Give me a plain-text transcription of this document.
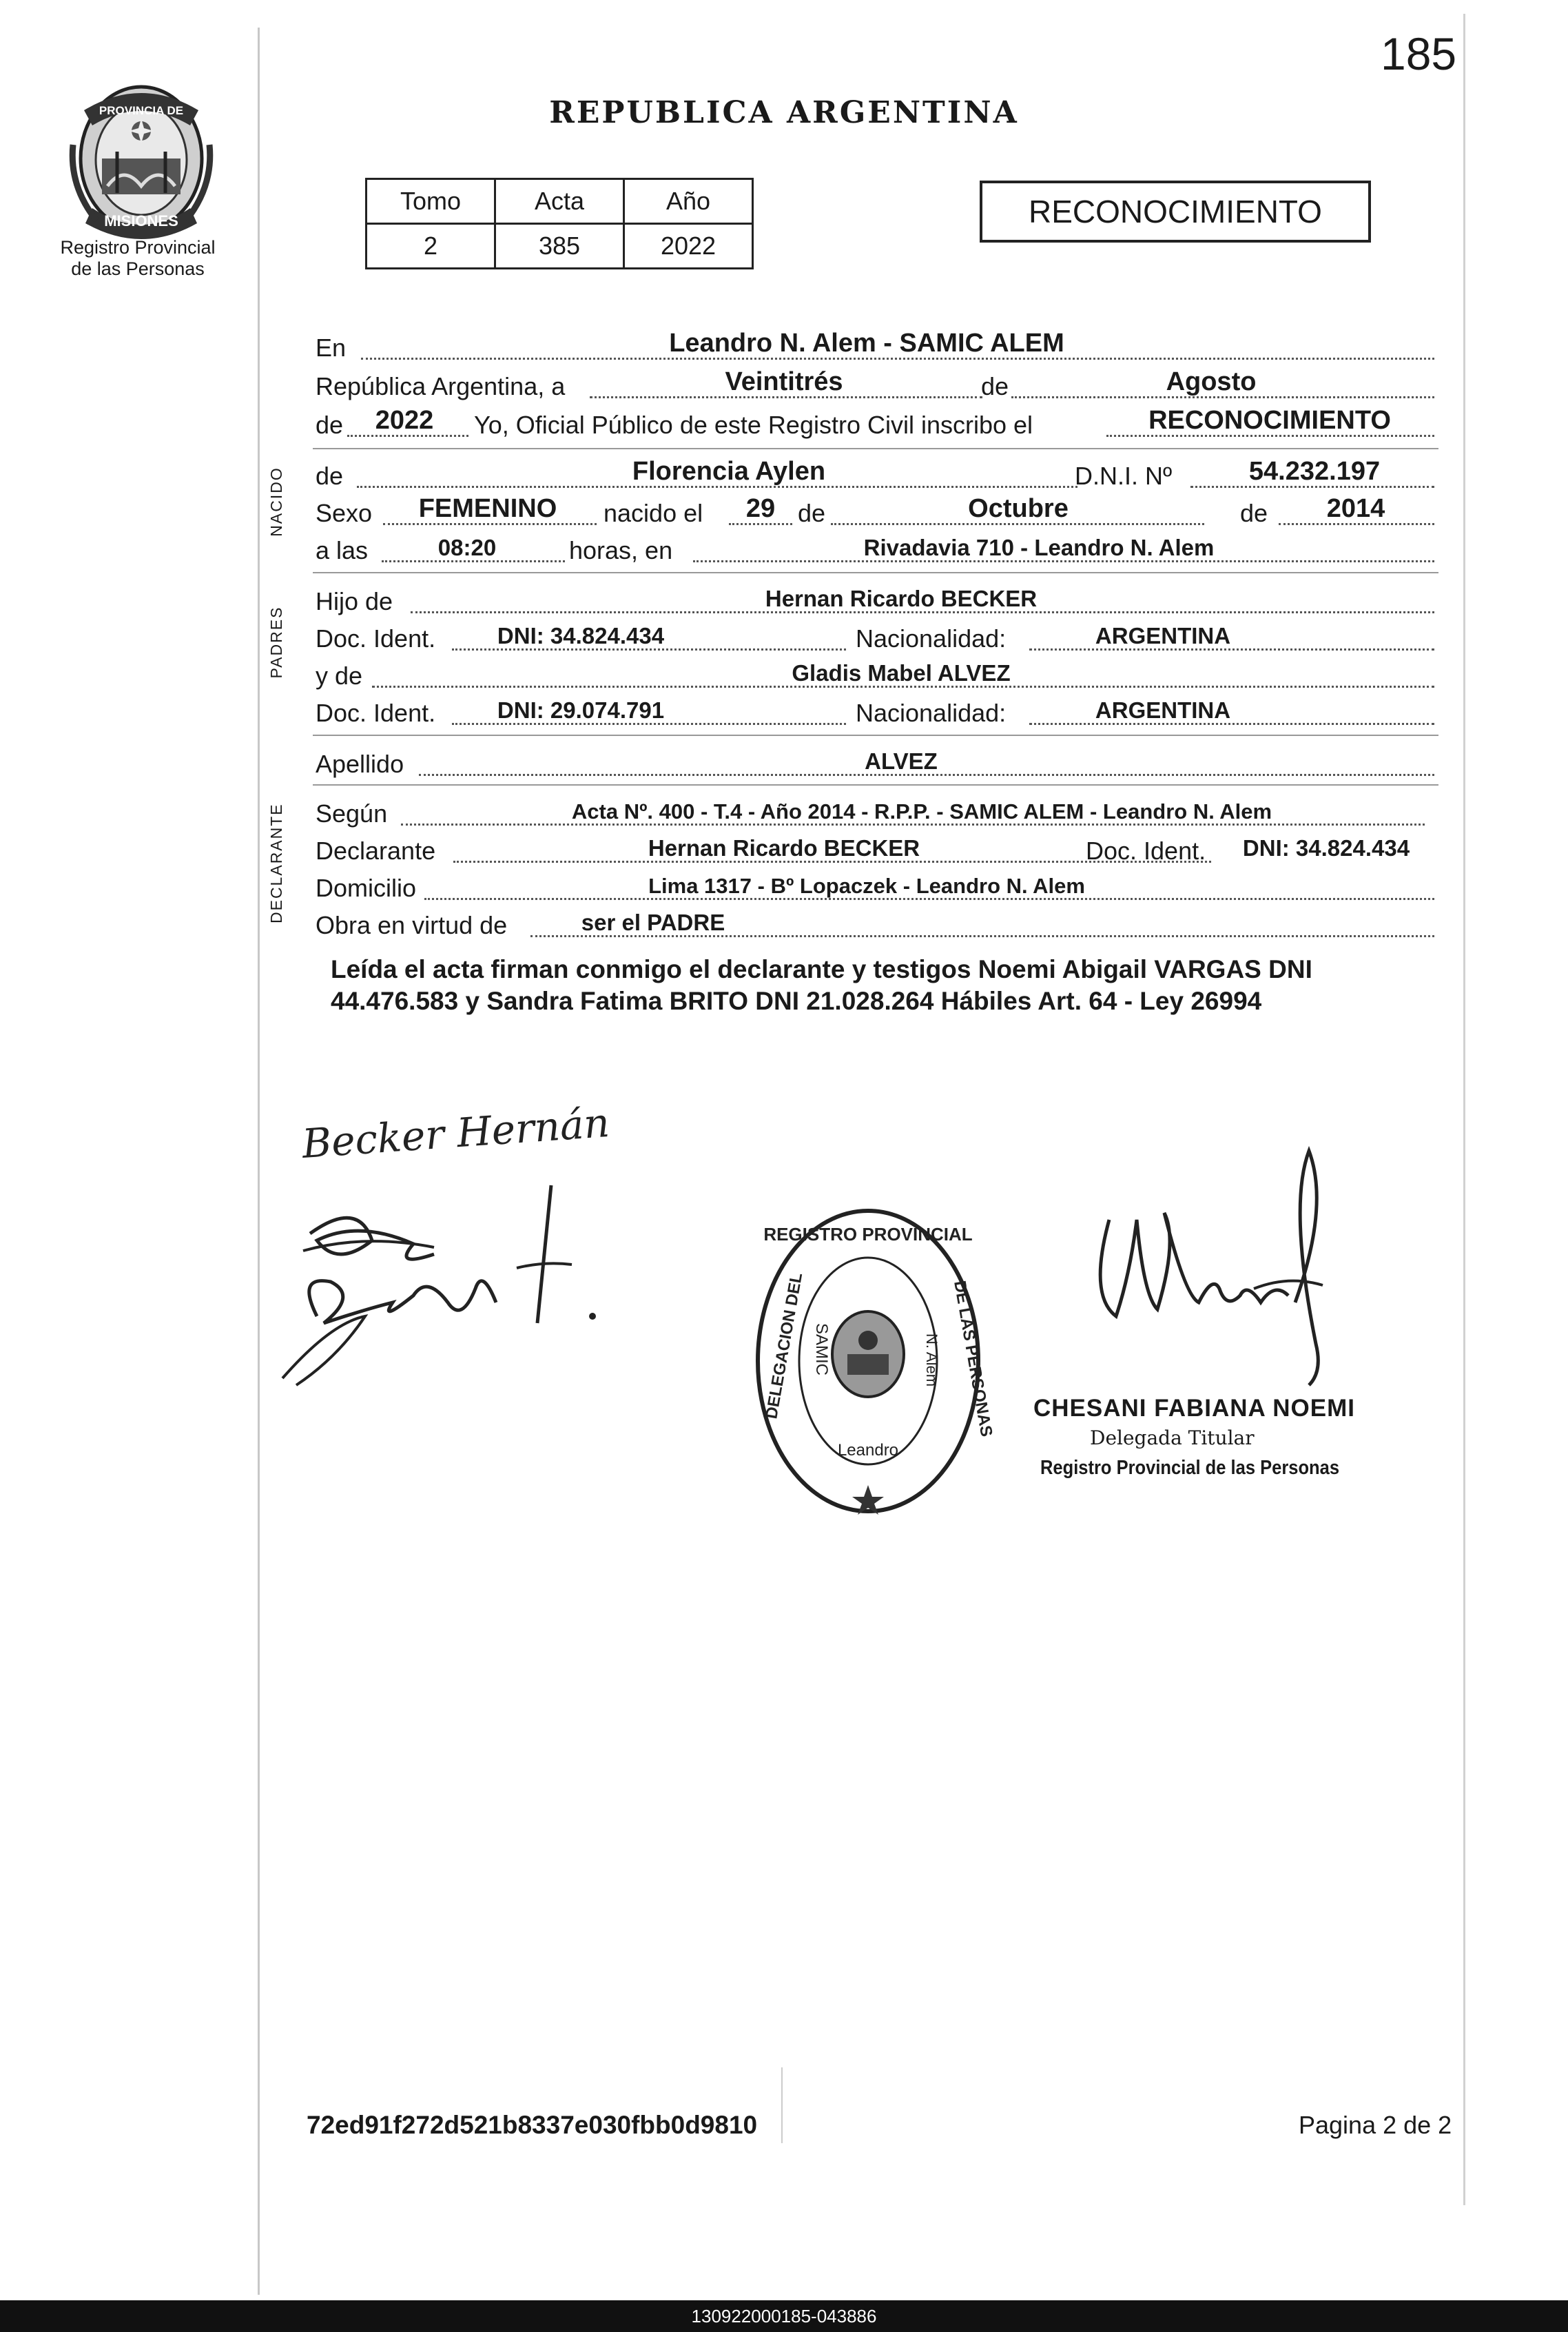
185
PROVINCIA DE
MISIONES
Registro Provincial
de las Personas
REPUBLICA ARGENTINA
Tomo	Acta	Año
2	385	2022
RECONOCIMIENTO
En	Leandro N. Alem - SAMIC ALEM
República Argentina, a	Veintitrés	de	Agosto
de	2022	Yo, Oficial Público de este Registro Civil inscribo el	RECONOCIMIENTO
de	Florencia Aylen	D.N.I. Nº	54.232.197
Sexo	FEMENINO	nacido el	29 de	Octubre	de	2014
a las	08:20	horas, en	Rivadavia 710 - Leandro N. Alem
Hijo de	Hernan Ricardo BECKER
Doc. Ident.	DNI: 34.824.434	Nacionalidad:	ARGENTINA
y de	Gladis Mabel ALVEZ
Doc. Ident.	DNI: 29.074.791	Nacionalidad:	ARGENTINA
Apellido	ALVEZ
Según	Acta Nº. 400 - T.4 - Año 2014 - R.P.P. - SAMIC ALEM - Leandro N. Alem
Declarante	Hernan Ricardo BECKER	Doc. Ident.	DNI: 34.824.434
Domicilio	Lima 1317 - Bº Lopaczek - Leandro N. Alem
Obra en virtud de	ser el PADRE
NACIDO
PADRES
DECLARANTE
Leída el acta firman conmigo el declarante y testigos Noemi Abigail VARGAS DNI 44.476.583 y Sandra Fatima BRITO DNI 21.028.264 Hábiles Art. 64 - Ley 26994
Becker Hernán
REGISTRO PROVINCIAL
DELEGACION DEL	DE LAS PERSONAS
SAMIC	N. Alem
Leandro
CHESANI FABIANA NOEMI
Delegada Titular
Registro Provincial de las Personas
72ed91f272d521b8337e030fbb0d9810	Pagina 2 de 2
130922000185-043886
